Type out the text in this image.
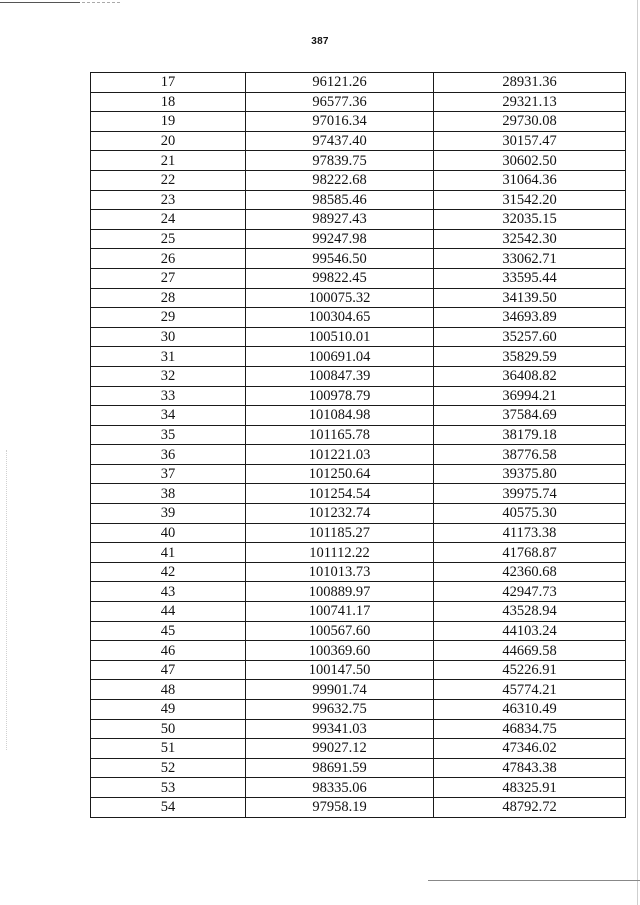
387
17	96121.26	28931.36
18	96577.36	29321.13
19	97016.34	29730.08
20	97437.40	30157.47
21	97839.75	30602.50
22	98222.68	31064.36
23	98585.46	31542.20
24	98927.43	32035.15
25	99247.98	32542.30
26	99546.50	33062.71
27	99822.45	33595.44
28	100075.32	34139.50
29	100304.65	34693.89
30	100510.01	35257.60
31	100691.04	35829.59
32	100847.39	36408.82
33	100978.79	36994.21
34	101084.98	37584.69
35	101165.78	38179.18
36	101221.03	38776.58
37	101250.64	39375.80
38	101254.54	39975.74
39	101232.74	40575.30
40	101185.27	41173.38
41	101112.22	41768.87
42	101013.73	42360.68
43	100889.97	42947.73
44	100741.17	43528.94
45	100567.60	44103.24
46	100369.60	44669.58
47	100147.50	45226.91
48	99901.74	45774.21
49	99632.75	46310.49
50	99341.03	46834.75
51	99027.12	47346.02
52	98691.59	47843.38
53	98335.06	48325.91
54	97958.19	48792.72
